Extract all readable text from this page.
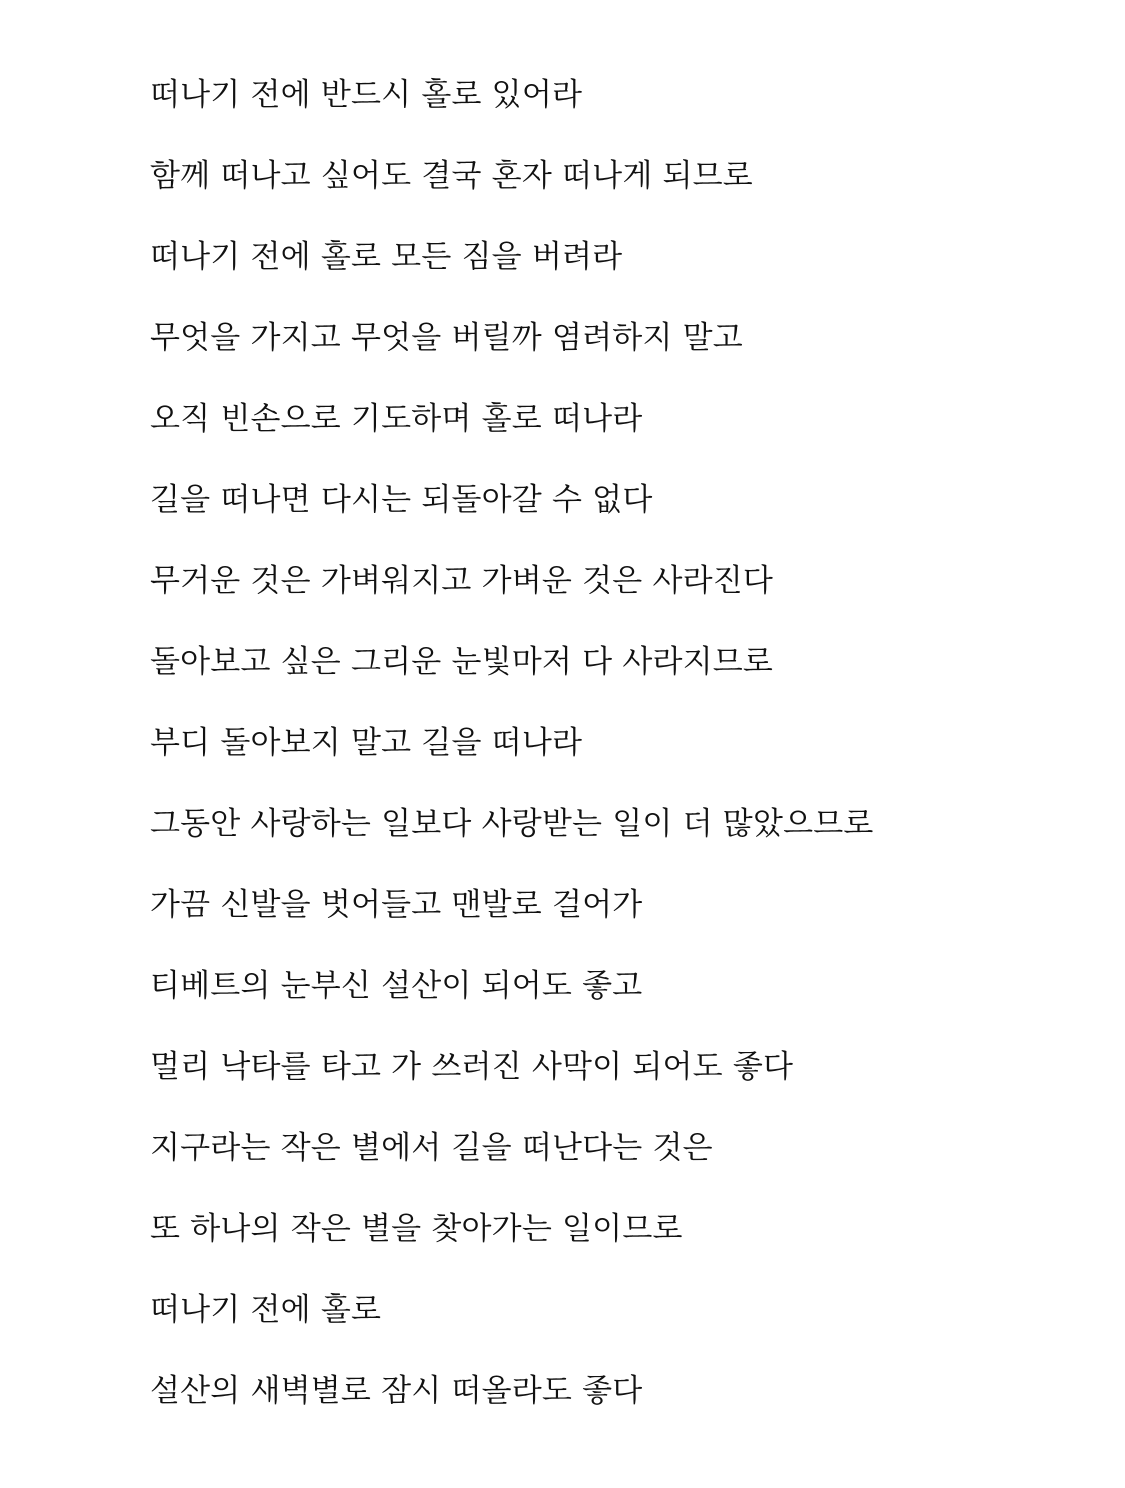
떠나기 전에 반드시 홀로 있어라
함께 떠나고 싶어도 결국 혼자 떠나게 되므로
떠나기 전에 홀로 모든 짐을 버려라
무엇을 가지고 무엇을 버릴까 염려하지 말고
오직 빈손으로 기도하며 홀로 떠나라
길을 떠나면 다시는 되돌아갈 수 없다
무거운 것은 가벼워지고 가벼운 것은 사라진다
돌아보고 싶은 그리운 눈빛마저 다 사라지므로
부디 돌아보지 말고 길을 떠나라
그동안 사랑하는 일보다 사랑받는 일이 더 많았으므로
가끔 신발을 벗어들고 맨발로 걸어가
티베트의 눈부신 설산이 되어도 좋고
멀리 낙타를 타고 가 쓰러진 사막이 되어도 좋다
지구라는 작은 별에서 길을 떠난다는 것은
또 하나의 작은 별을 찾아가는 일이므로
떠나기 전에 홀로
설산의 새벽별로 잠시 떠올라도 좋다
